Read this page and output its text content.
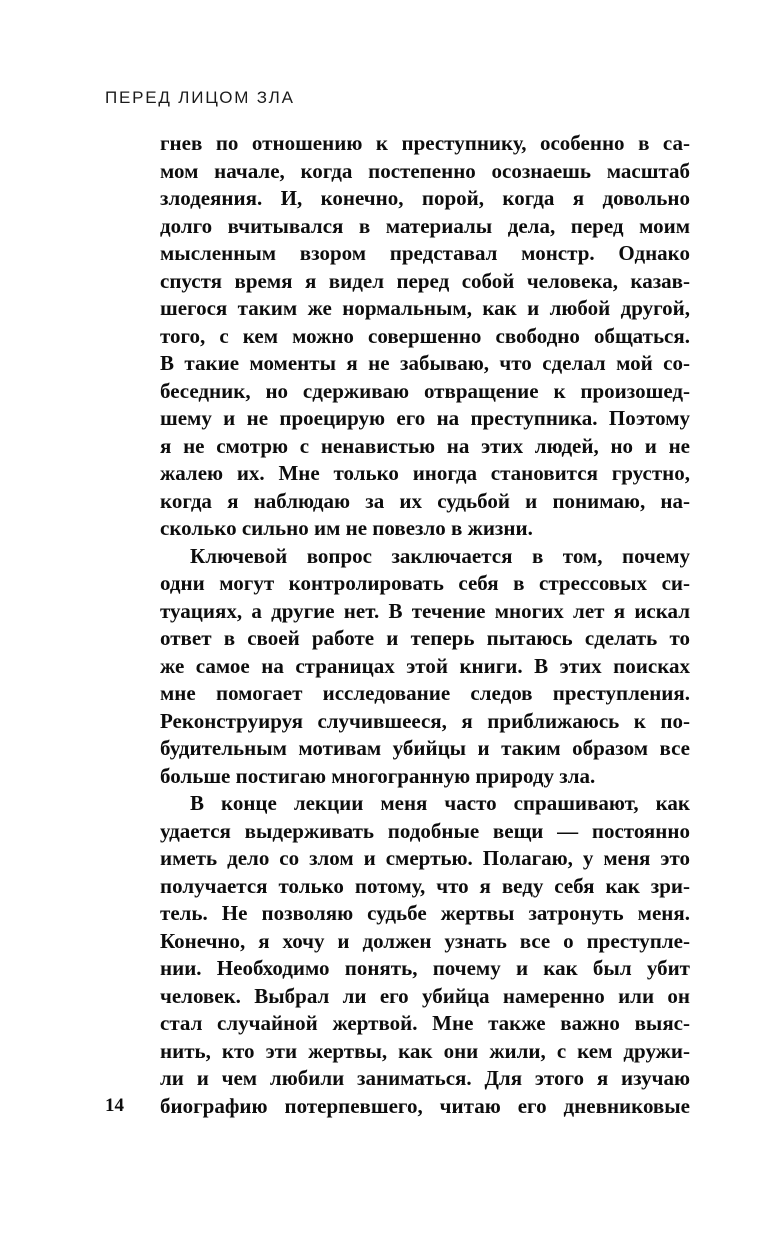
ПЕРЕД ЛИЦОМ ЗЛА
гнев по отношению к преступнику, особенно в са-
мом начале, когда постепенно осознаешь масштаб
злодеяния. И, конечно, порой, когда я довольно
долго вчитывался в материалы дела, перед моим
мысленным взором представал монстр. Однако
спустя время я видел перед собой человека, казав-
шегося таким же нормальным, как и любой другой,
того, с кем можно совершенно свободно общаться.
В такие моменты я не забываю, что сделал мой со-
беседник, но сдерживаю отвращение к произошед-
шему и не проецирую его на преступника. Поэтому
я не смотрю с ненавистью на этих людей, но и не
жалею их. Мне только иногда становится грустно,
когда я наблюдаю за их судьбой и понимаю, на-
сколько сильно им не повезло в жизни.
Ключевой вопрос заключается в том, почему
одни могут контролировать себя в стрессовых си-
туациях, а другие нет. В течение многих лет я искал
ответ в своей работе и теперь пытаюсь сделать то
же самое на страницах этой книги. В этих поисках
мне помогает исследование следов преступления.
Реконструируя случившееся, я приближаюсь к по-
будительным мотивам убийцы и таким образом все
больше постигаю многогранную природу зла.
В конце лекции меня часто спрашивают, как
удается выдерживать подобные вещи — постоянно
иметь дело со злом и смертью. Полагаю, у меня это
получается только потому, что я веду себя как зри-
тель. Не позволяю судьбе жертвы затронуть меня.
Конечно, я хочу и должен узнать все о преступле-
нии. Необходимо понять, почему и как был убит
человек. Выбрал ли его убийца намеренно или он
стал случайной жертвой. Мне также важно выяс-
нить, кто эти жертвы, как они жили, с кем дружи-
ли и чем любили заниматься. Для этого я изучаю
биографию потерпевшего, читаю его дневниковые
14
